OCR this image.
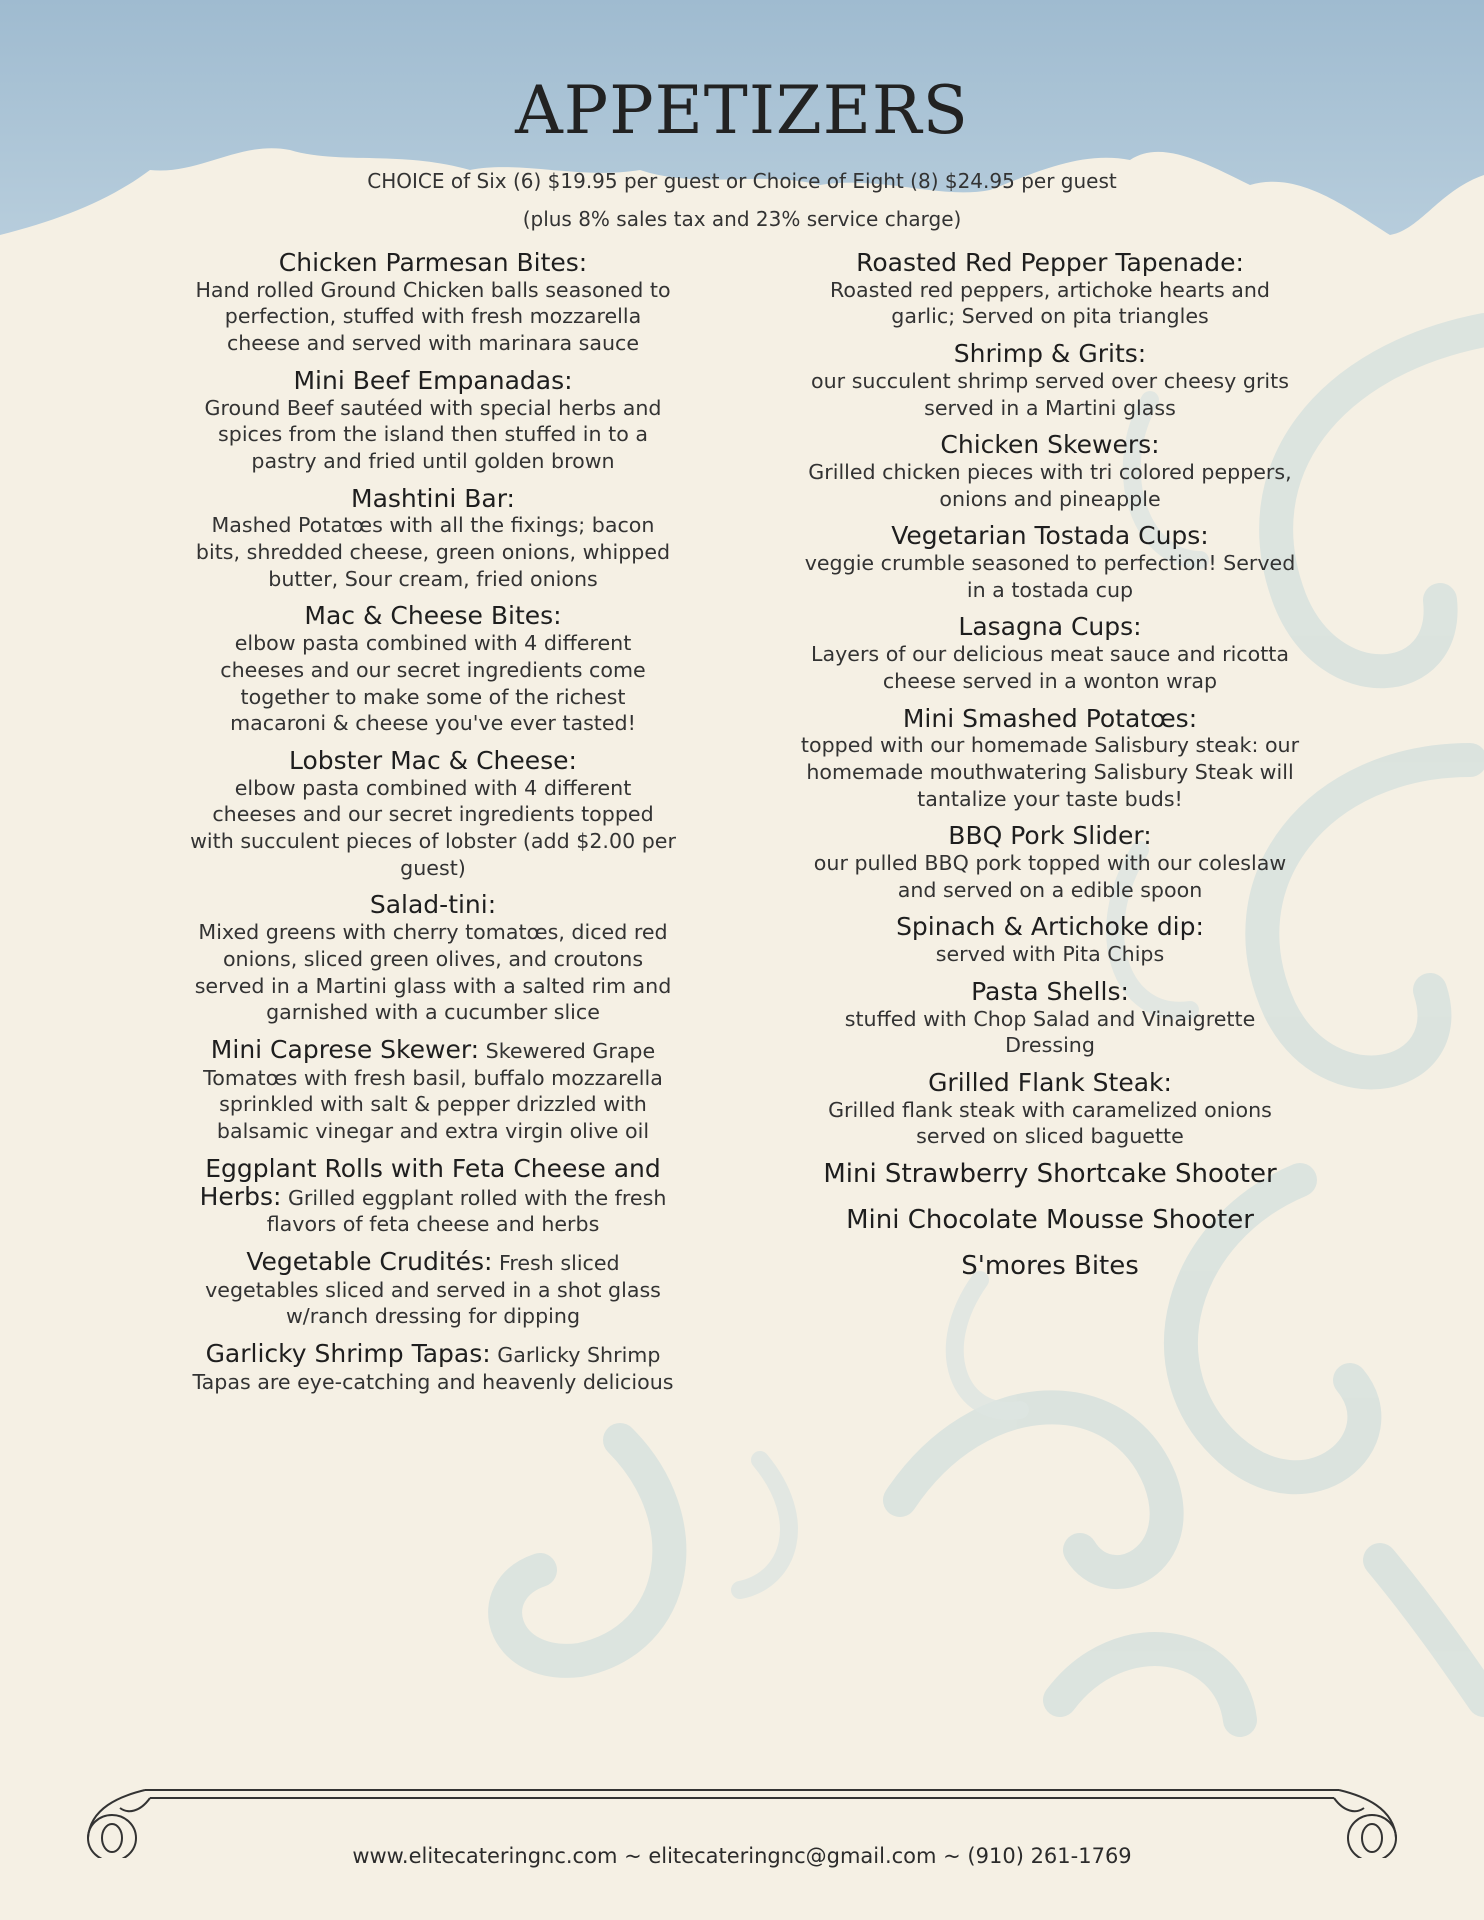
APPETIZERS
CHOICE of Six (6) $19.95 per guest or Choice of Eight (8) $24.95 per guest
(plus 8% sales tax and 23% service charge)
Chicken Parmesan Bites:
Hand rolled Ground Chicken balls seasoned to perfection, stuffed with fresh mozzarella cheese and served with marinara sauce
Mini Beef Empanadas:
Ground Beef sautéed with special herbs and spices from the island then stuffed in to a pastry and fried until golden brown
Mashtini Bar:
Mashed Potatœs with all the fixings; bacon bits, shredded cheese, green onions, whipped butter, Sour cream, fried onions
Mac & Cheese Bites:
elbow pasta combined with 4 different cheeses and our secret ingredients come together to make some of the richest macaroni & cheese you've ever tasted!
Lobster Mac & Cheese:
elbow pasta combined with 4 different cheeses and our secret ingredients topped with succulent pieces of lobster (add $2.00 per guest)
Salad-tini:
Mixed greens with cherry tomatœs, diced red onions, sliced green olives, and croutons served in a Martini glass with a salted rim and garnished with a cucumber slice
Mini Caprese Skewer: Skewered Grape Tomatœs with fresh basil, buffalo mozzarella sprinkled with salt & pepper drizzled with balsamic vinegar and extra virgin olive oil
Eggplant Rolls with Feta Cheese and Herbs: Grilled eggplant rolled with the fresh flavors of feta cheese and herbs
Vegetable Crudités: Fresh sliced vegetables sliced and served in a shot glass w/ranch dressing for dipping
Garlicky Shrimp Tapas: Garlicky Shrimp Tapas are eye-catching and heavenly delicious
Roasted Red Pepper Tapenade:
Roasted red peppers, artichoke hearts and garlic; Served on pita triangles
Shrimp & Grits:
our succulent shrimp served over cheesy grits served in a Martini glass
Chicken Skewers:
Grilled chicken pieces with tri colored peppers, onions and pineapple
Vegetarian Tostada Cups:
veggie crumble seasoned to perfection! Served in a tostada cup
Lasagna Cups:
Layers of our delicious meat sauce and ricotta cheese served in a wonton wrap
Mini Smashed Potatœs:
topped with our homemade Salisbury steak: our homemade mouthwatering Salisbury Steak will tantalize your taste buds!
BBQ Pork Slider:
our pulled BBQ pork topped with our coleslaw and served on a edible spoon
Spinach & Artichoke dip:
served with Pita Chips
Pasta Shells:
stuffed with Chop Salad and Vinaigrette Dressing
Grilled Flank Steak:
Grilled flank steak with caramelized onions served on sliced baguette
Mini Strawberry Shortcake Shooter
Mini Chocolate Mousse Shooter
S'mores Bites
www.elitecateringnc.com ~ elitecateringnc@gmail.com ~ (910) 261-1769
